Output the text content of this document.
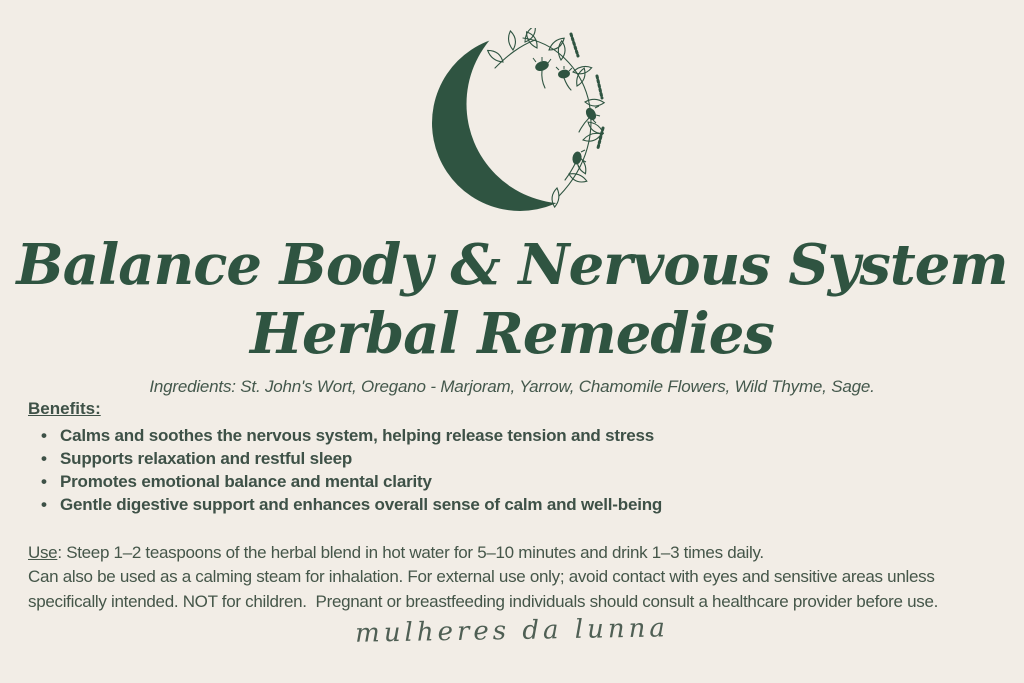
Balance Body & Nervous System
Herbal Remedies
Ingredients: St. John's Wort, Oregano - Marjoram, Yarrow, Chamomile Flowers, Wild Thyme, Sage.
Benefits:
• Calms and soothes the nervous system, helping release tension and stress
• Supports relaxation and restful sleep
• Promotes emotional balance and mental clarity
• Gentle digestive support and enhances overall sense of calm and well-being
Use: Steep 1–2 teaspoons of the herbal blend in hot water for 5–10 minutes and drink 1–3 times daily.
Can also be used as a calming steam for inhalation. For external use only; avoid contact with eyes and sensitive areas unless specifically intended. NOT for children.  Pregnant or breastfeeding individuals should consult a healthcare provider before use.
mulheres da lunna
